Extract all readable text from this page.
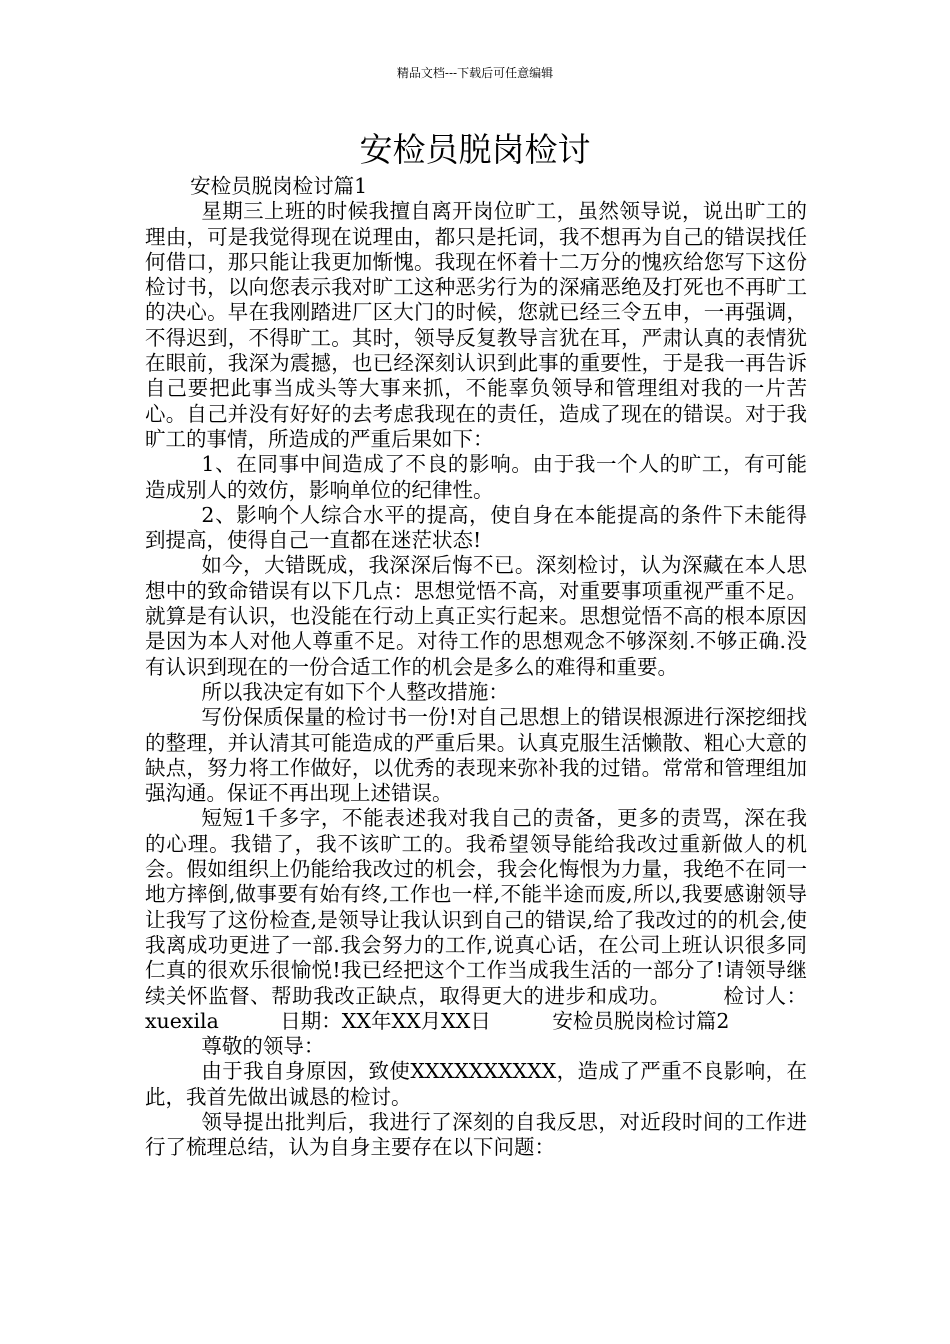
精品文档---下载后可任意编辑
安检员脱岗检讨

安检员脱岗检讨篇1

星期三上班的时候我擅自离开岗位旷工，虽然领导说，说出旷工的理由，可是我觉得现在说理由，都只是托词，我不想再为自己的错误找任何借口，那只能让我更加惭愧。我现在怀着十二万分的愧疚给您写下这份检讨书，以向您表示我对旷工这种恶劣行为的深痛恶绝及打死也不再旷工的决心。早在我刚踏进厂区大门的时候，您就已经三令五申，一再强调，不得迟到，不得旷工。其时，领导反复教导言犹在耳，严肃认真的表情犹在眼前，我深为震撼，也已经深刻认识到此事的重要性，于是我一再告诉自己要把此事当成头等大事来抓，不能辜负领导和管理组对我的一片苦心。自己并没有好好的去考虑我现在的责任，造成了现在的错误。对于我旷工的事情，所造成的严重后果如下：

1、在同事中间造成了不良的影响。由于我一个人的旷工，有可能造成别人的效仿，影响单位的纪律性。

2、影响个人综合水平的提高，使自身在本能提高的条件下未能得到提高，使得自己一直都在迷茫状态!

如今，大错既成，我深深后悔不已。深刻检讨，认为深藏在本人思想中的致命错误有以下几点：思想觉悟不高，对重要事项重视严重不足。就算是有认识，也没能在行动上真正实行起来。思想觉悟不高的根本原因是因为本人对他人尊重不足。对待工作的思想观念不够深刻.不够正确.没有认识到现在的一份合适工作的机会是多么的难得和重要。

所以我决定有如下个人整改措施：

写份保质保量的检讨书一份!对自己思想上的错误根源进行深挖细找的整理，并认清其可能造成的严重后果。认真克服生活懒散、粗心大意的缺点，努力将工作做好，以优秀的表现来弥补我的过错。常常和管理组加强沟通。保证不再出现上述错误。

短短1千多字，不能表述我对我自己的责备，更多的责骂，深在我的心理。我错了，我不该旷工的。我希望领导能给我改过重新做人的机会。假如组织上仍能给我改过的机会，我会化悔恨为力量，我绝不在同一地方摔倒,做事要有始有终,工作也一样,不能半途而废,所以,我要感谢领导让我写了这份检查,是领导让我认识到自己的错误,给了我改过的的机会,使我离成功更进了一部.我会努力的工作,说真心话，在公司上班认识很多同仁真的很欢乐很愉悦!我已经把这个工作当成我生活的一部分了!请领导继续关怀监督、帮助我改正缺点，取得更大的进步和成功。　　　检讨人：xuexila　　　日期：XX年XX月XX日　　　安检员脱岗检讨篇2

尊敬的领导：

由于我自身原因，致使XXXXXXXXXX，造成了严重不良影响，在此，我首先做出诚恳的检讨。

领导提出批判后，我进行了深刻的自我反思，对近段时间的工作进行了梳理总结，认为自身主要存在以下问题：
